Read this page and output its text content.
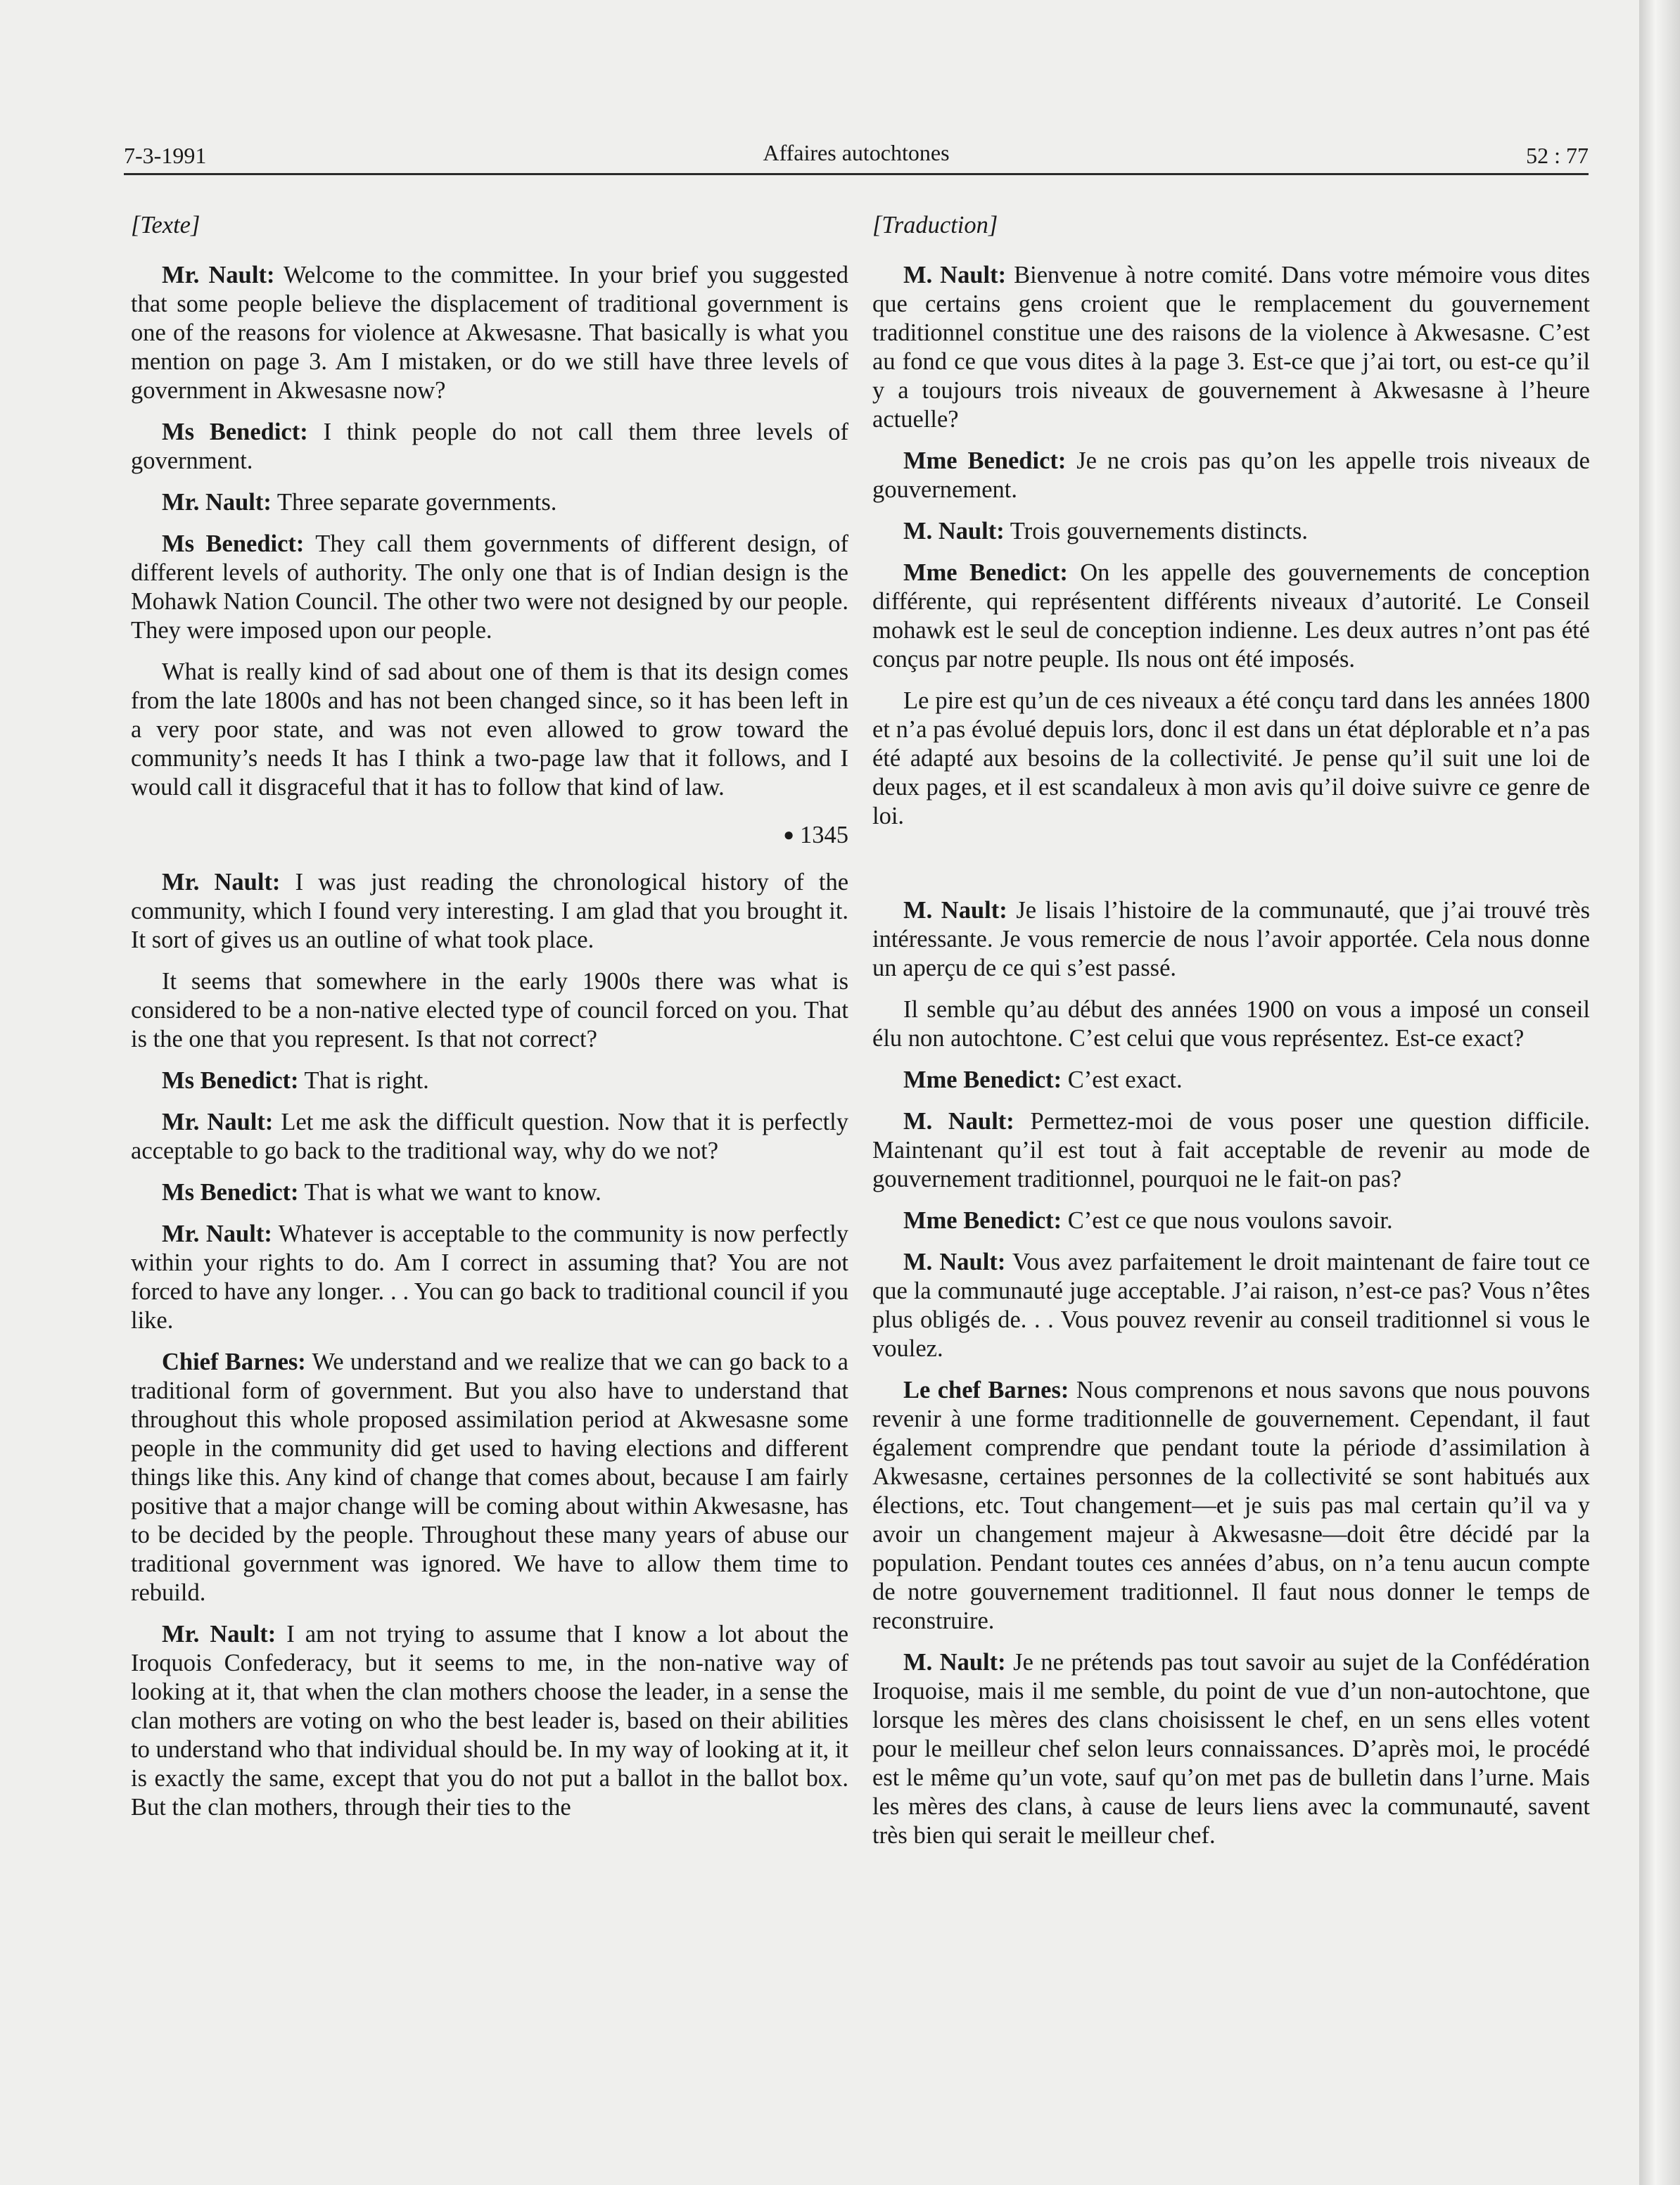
7-3-1991	Affaires autochtones	52 : 77
[Texte]

Mr. Nault: Welcome to the committee. In your brief you suggested that some people believe the displacement of traditional government is one of the reasons for violence at Akwesasne. That basically is what you mention on page 3. Am I mistaken, or do we still have three levels of government in Akwesasne now?

Ms Benedict: I think people do not call them three levels of government.

Mr. Nault: Three separate governments.

Ms Benedict: They call them governments of different design, of different levels of authority. The only one that is of Indian design is the Mohawk Nation Council. The other two were not designed by our people. They were imposed upon our people.

What is really kind of sad about one of them is that its design comes from the late 1800s and has not been changed since, so it has been left in a very poor state, and was not even allowed to grow toward the community’s needs It has I think a two-page law that it follows, and I would call it disgraceful that it has to follow that kind of law.

● 1345

Mr. Nault: I was just reading the chronological history of the community, which I found very interesting. I am glad that you brought it. It sort of gives us an outline of what took place.

It seems that somewhere in the early 1900s there was what is considered to be a non-native elected type of council forced on you. That is the one that you represent. Is that not correct?

Ms Benedict: That is right.

Mr. Nault: Let me ask the difficult question. Now that it is perfectly acceptable to go back to the traditional way, why do we not?

Ms Benedict: That is what we want to know.

Mr. Nault: Whatever is acceptable to the community is now perfectly within your rights to do. Am I correct in assuming that? You are not forced to have any longer. . . You can go back to traditional council if you like.

Chief Barnes: We understand and we realize that we can go back to a traditional form of government. But you also have to understand that throughout this whole proposed assimilation period at Akwesasne some people in the community did get used to having elections and different things like this. Any kind of change that comes about, because I am fairly positive that a major change will be coming about within Akwesasne, has to be decided by the people. Throughout these many years of abuse our traditional government was ignored. We have to allow them time to rebuild.

Mr. Nault: I am not trying to assume that I know a lot about the Iroquois Confederacy, but it seems to me, in the non-native way of looking at it, that when the clan mothers choose the leader, in a sense the clan mothers are voting on who the best leader is, based on their abilities to understand who that individual should be. In my way of looking at it, it is exactly the same, except that you do not put a ballot in the ballot box. But the clan mothers, through their ties to the

[Traduction]

M. Nault: Bienvenue à notre comité. Dans votre mémoire vous dites que certains gens croient que le remplacement du gouvernement traditionnel constitue une des raisons de la violence à Akwesasne. C’est au fond ce que vous dites à la page 3. Est-ce que j’ai tort, ou est-ce qu’il y a toujours trois niveaux de gouvernement à Akwesasne à l’heure actuelle?

Mme Benedict: Je ne crois pas qu’on les appelle trois niveaux de gouvernement.

M. Nault: Trois gouvernements distincts.

Mme Benedict: On les appelle des gouvernements de conception différente, qui représentent différents niveaux d’autorité. Le Conseil mohawk est le seul de conception indienne. Les deux autres n’ont pas été conçus par notre peuple. Ils nous ont été imposés.

Le pire est qu’un de ces niveaux a été conçu tard dans les années 1800 et n’a pas évolué depuis lors, donc il est dans un état déplorable et n’a pas été adapté aux besoins de la collectivité. Je pense qu’il suit une loi de deux pages, et il est scandaleux à mon avis qu’il doive suivre ce genre de loi.

M. Nault: Je lisais l’histoire de la communauté, que j’ai trouvé très intéressante. Je vous remercie de nous l’avoir apportée. Cela nous donne un aperçu de ce qui s’est passé.

Il semble qu’au début des années 1900 on vous a imposé un conseil élu non autochtone. C’est celui que vous représentez. Est-ce exact?

Mme Benedict: C’est exact.

M. Nault: Permettez-moi de vous poser une question difficile. Maintenant qu’il est tout à fait acceptable de revenir au mode de gouvernement traditionnel, pourquoi ne le fait-on pas?

Mme Benedict: C’est ce que nous voulons savoir.

M. Nault: Vous avez parfaitement le droit maintenant de faire tout ce que la communauté juge acceptable. J’ai raison, n’est-ce pas? Vous n’êtes plus obligés de. . . Vous pouvez revenir au conseil traditionnel si vous le voulez.

Le chef Barnes: Nous comprenons et nous savons que nous pouvons revenir à une forme traditionnelle de gouvernement. Cependant, il faut également comprendre que pendant toute la période d’assimilation à Akwesasne, certaines personnes de la collectivité se sont habitués aux élections, etc. Tout changement—et je suis pas mal certain qu’il va y avoir un changement majeur à Akwesasne—doit être décidé par la population. Pendant toutes ces années d’abus, on n’a tenu aucun compte de notre gouvernement traditionnel. Il faut nous donner le temps de reconstruire.

M. Nault: Je ne prétends pas tout savoir au sujet de la Confédération Iroquoise, mais il me semble, du point de vue d’un non-autochtone, que lorsque les mères des clans choisissent le chef, en un sens elles votent pour le meilleur chef selon leurs connaissances. D’après moi, le procédé est le même qu’un vote, sauf qu’on met pas de bulletin dans l’urne. Mais les mères des clans, à cause de leurs liens avec la communauté, savent très bien qui serait le meilleur chef.
